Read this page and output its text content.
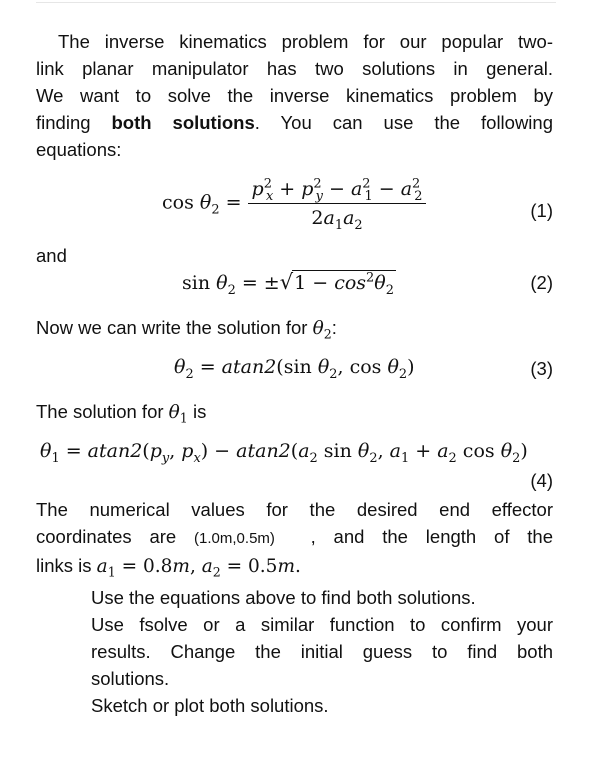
The inverse kinematics problem for our popular two-
link planar manipulator has two solutions in general.
We want to solve the inverse kinematics problem by
finding both solutions. You can use the following
equations:
$\cos \theta_2 = \frac{p^2_x + p^2_y - a^2_1 - a^2_2}{2a_1a_2}$	(1)
and
$\sin \theta_2 = \pm√1 - \cos^2\theta_2$	(2)
Now we can write the solution for $\theta_2$:
$\theta_2 = atan2(\sin$ $\theta_2$, $\cos \theta_2$)	(3)
The solution for $\theta_1$ is
$\theta_1 = atan2(p_y$, $p_x) - atan2(a_2$ $\sin \theta_2$, $a_1 + a_2$ $\cos \theta_2$)
(4)
The numerical values for the desired end effector
coordinates are (1.0m,0.5m) , and the length of the
links is $a_1 = 0.8m$, $a_2 = 0.5m$.
Use the equations above to find both solutions.
Use fsolve or a similar function to confirm your
results. Change the initial guess to find both
solutions.
Sketch or plot both solutions.
